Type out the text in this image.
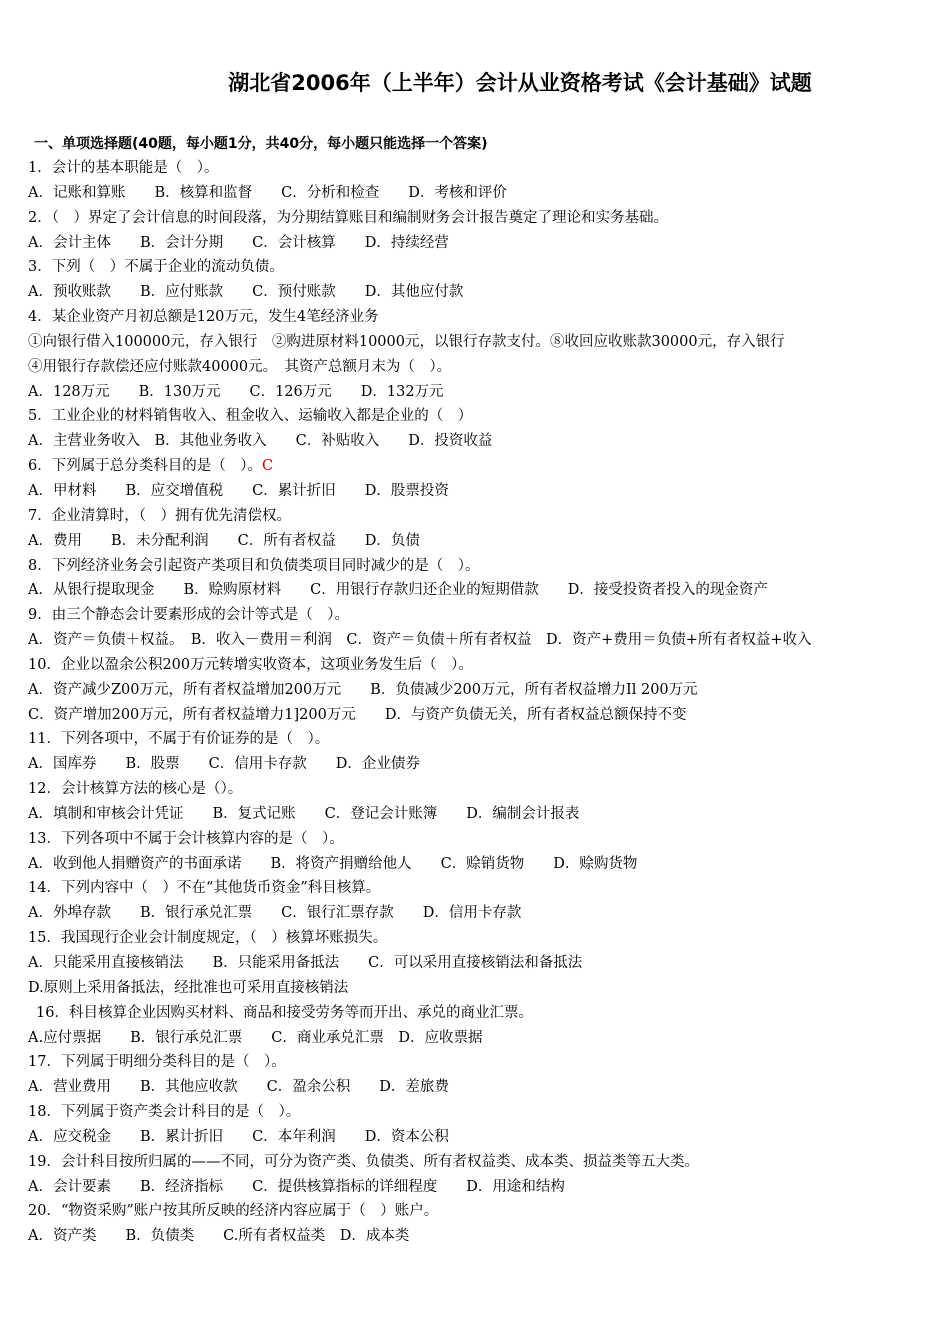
湖北省2006年（上半年）会计从业资格考试《会计基础》试题
一、单项选择题(40题，每小题1分，共40分，每小题只能选择一个答案)
1．会计的基本职能是（　）。
A．记账和算账　　B．核算和监督　　C．分析和检查　　D．考核和评价
2．（　）界定了会计信息的时间段落，为分期结算账目和编制财务会计报告奠定了理论和实务基础。
A．会计主体　　B．会计分期　　C．会计核算　　D．持续经营
3．下列（　）不属于企业的流动负债。
A．预收账款　　B．应付账款　　C．预付账款　　D．其他应付款
4．某企业资产月初总额是120万元，发生4笔经济业务
①向银行借入100000元，存入银行　②购进原材料10000元，以银行存款支付。⑧收回应收账款30000元，存入银行
④用银行存款偿还应付账款40000元。　其资产总额月末为（　）。
A．128万元　　B．130万元　　C．126万元　　D．132万元
5．工业企业的材料销售收入、租金收入、运输收入都是企业的（　）
A．主营业务收入　B．其他业务收入　　C．补贴收入　　D．投资收益
6．下列属于总分类科目的是（　）。C
A．甲材料　　B．应交增值税　　C．累计折旧　　D．股票投资
7．企业清算时，（　）拥有优先清偿权。
A．费用　　B．未分配利润　　C．所有者权益　　D．负债
8．下列经济业务会引起资产类项目和负债类项目同时减少的是（　）。
A．从银行提取现金　　B．赊购原材料　　C．用银行存款归还企业的短期借款　　D．接受投资者投入的现金资产
9．由三个静态会计要素形成的会计等式是（　）。
A．资产＝负债＋权益。　B．收入－费用＝利润　C．资产＝负债＋所有者权益　D．资产+费用＝负债+所有者权益+收入
10．企业以盈余公积200万元转增实收资本，这项业务发生后（　）。
A．资产减少Z00万元，所有者权益增加200万元　　B．负债减少200万元，所有者权益增力Il 200万元
C．资产增加200万元，所有者权益增力1]200万元　　D．与资产负债无关，所有者权益总额保持不变
11．下列各项中，不属于有价证券的是（　）。
A．国库券　　B．股票　　C．信用卡存款　　D．企业债券
12．会计核算方法的核心是（）。
A．填制和审核会计凭证　　B．复式记账　　C．登记会计账簿　　D．编制会计报表
13．下列各项中不属于会计核算内容的是（　）。
A．收到他人捐赠资产的书面承诺　　B．将资产捐赠给他人　　C．赊销货物　　D．赊购货物
14．下列内容中（　）不在“其他货币资金”科目核算。
A．外埠存款　　B．银行承兑汇票　　C．银行汇票存款　　D．信用卡存款
15．我国现行企业会计制度规定，（　）核算坏账损失。
A．只能采用直接核销法　　B．只能采用备抵法　　C．可以采用直接核销法和备抵法
D.原则上采用备抵法，经批准也可采用直接核销法
16．科目核算企业因购买材料、商品和接受劳务等而开出、承兑的商业汇票。
A.应付票据　　B．银行承兑汇票　　C．商业承兑汇票　D．应收票据
17．下列属于明细分类科目的是（　）。
A．营业费用　　B．其他应收款　　C．盈余公积　　D．差旅费
18．下列属于资产类会计科目的是（　）。
A．应交税金　　B．累计折旧　　C．本年利润　　D．资本公积
19．会计科目按所归属的——不同，可分为资产类、负债类、所有者权益类、成本类、损益类等五大类。
A．会计要素　　B．经济指标　　C．提供核算指标的详细程度　　D．用途和结构
20．“物资采购”账户按其所反映的经济内容应属于（　）账户。
A．资产类　　B．负债类　　C.所有者权益类　D．成本类
